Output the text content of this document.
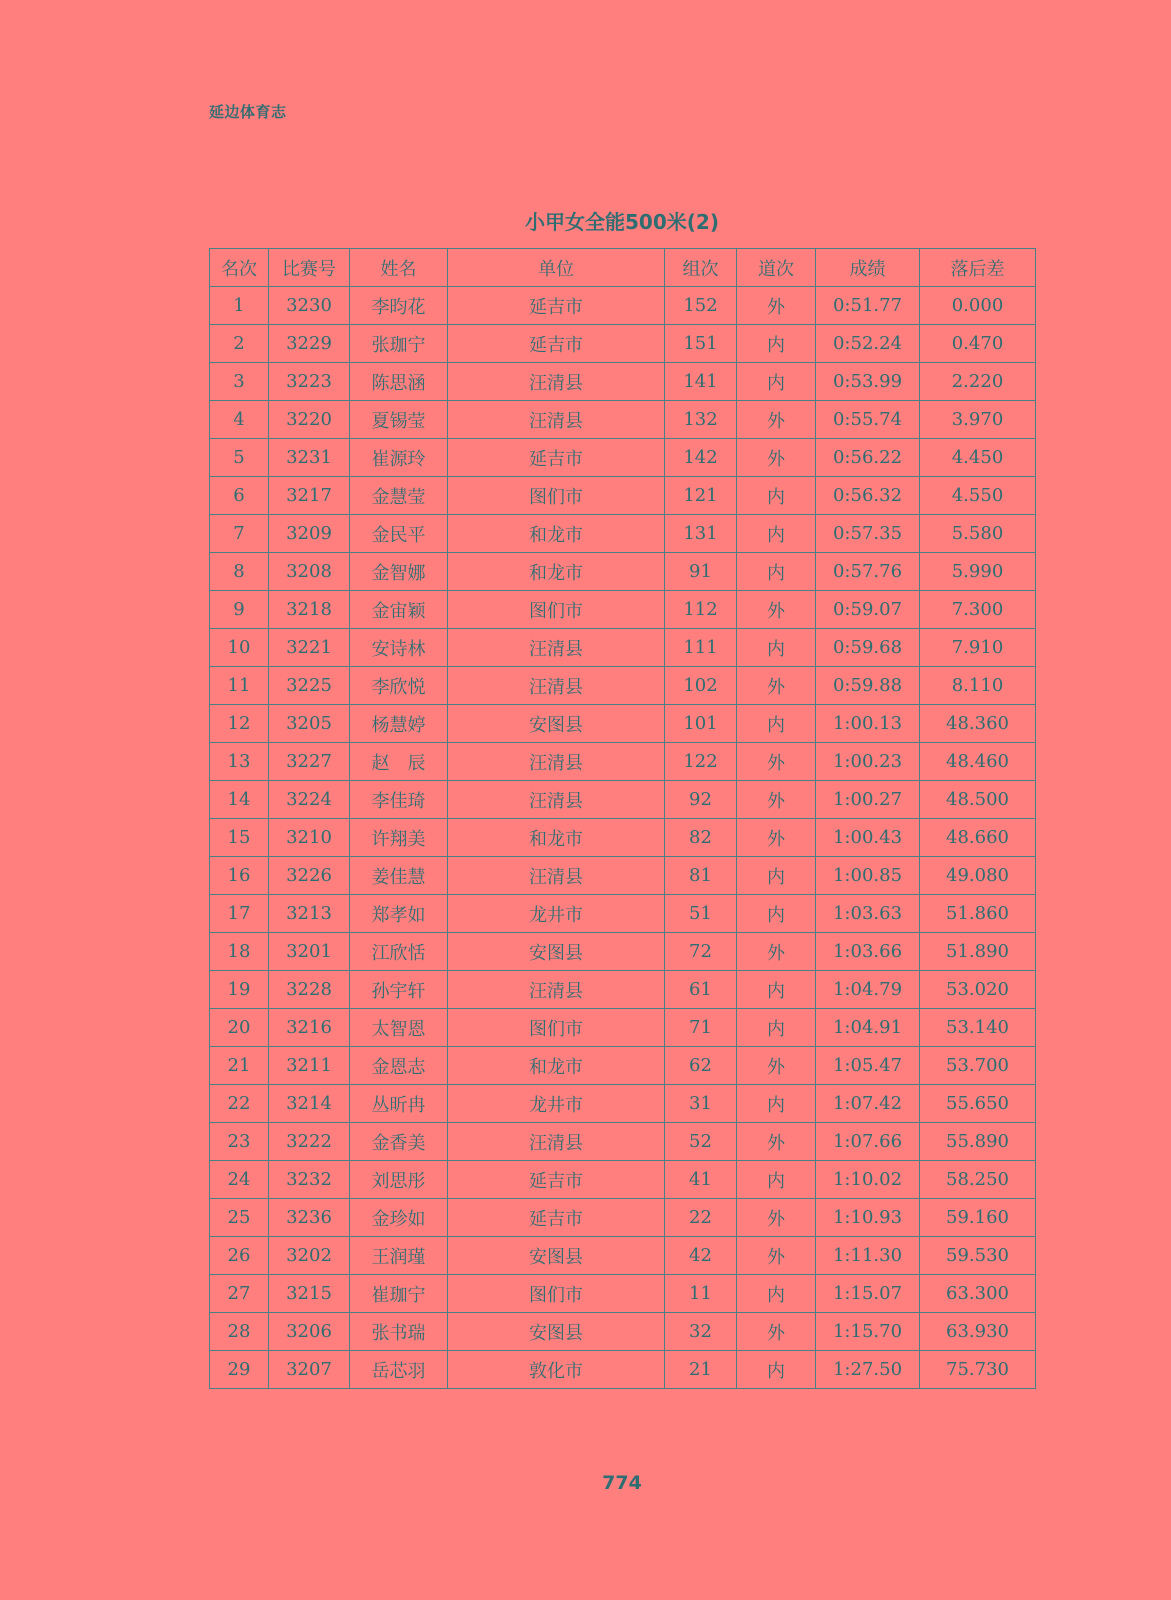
延边体育志
小甲女全能500米(2)
名次	比赛号	姓名	单位	组次	道次	成绩	落后差
1	3230	李昀花	延吉市	152	外	0:51.77	0.000
2	3229	张珈宁	延吉市	151	内	0:52.24	0.470
3	3223	陈思涵	汪清县	141	内	0:53.99	2.220
4	3220	夏锡莹	汪清县	132	外	0:55.74	3.970
5	3231	崔源玲	延吉市	142	外	0:56.22	4.450
6	3217	金慧莹	图们市	121	内	0:56.32	4.550
7	3209	金民平	和龙市	131	内	0:57.35	5.580
8	3208	金智娜	和龙市	91	内	0:57.76	5.990
9	3218	金宙颖	图们市	112	外	0:59.07	7.300
10	3221	安诗林	汪清县	111	内	0:59.68	7.910
11	3225	李欣悦	汪清县	102	外	0:59.88	8.110
12	3205	杨慧婷	安图县	101	内	1:00.13	48.360
13	3227	赵　辰	汪清县	122	外	1:00.23	48.460
14	3224	李佳琦	汪清县	92	外	1:00.27	48.500
15	3210	许翔美	和龙市	82	外	1:00.43	48.660
16	3226	姜佳慧	汪清县	81	内	1:00.85	49.080
17	3213	郑孝如	龙井市	51	内	1:03.63	51.860
18	3201	江欣恬	安图县	72	外	1:03.66	51.890
19	3228	孙宇轩	汪清县	61	内	1:04.79	53.020
20	3216	太智恩	图们市	71	内	1:04.91	53.140
21	3211	金恩志	和龙市	62	外	1:05.47	53.700
22	3214	丛昕冉	龙井市	31	内	1:07.42	55.650
23	3222	金香美	汪清县	52	外	1:07.66	55.890
24	3232	刘思彤	延吉市	41	内	1:10.02	58.250
25	3236	金珍如	延吉市	22	外	1:10.93	59.160
26	3202	王润瑾	安图县	42	外	1:11.30	59.530
27	3215	崔珈宁	图们市	11	内	1:15.07	63.300
28	3206	张书瑞	安图县	32	外	1:15.70	63.930
29	3207	岳芯羽	敦化市	21	内	1:27.50	75.730
774
